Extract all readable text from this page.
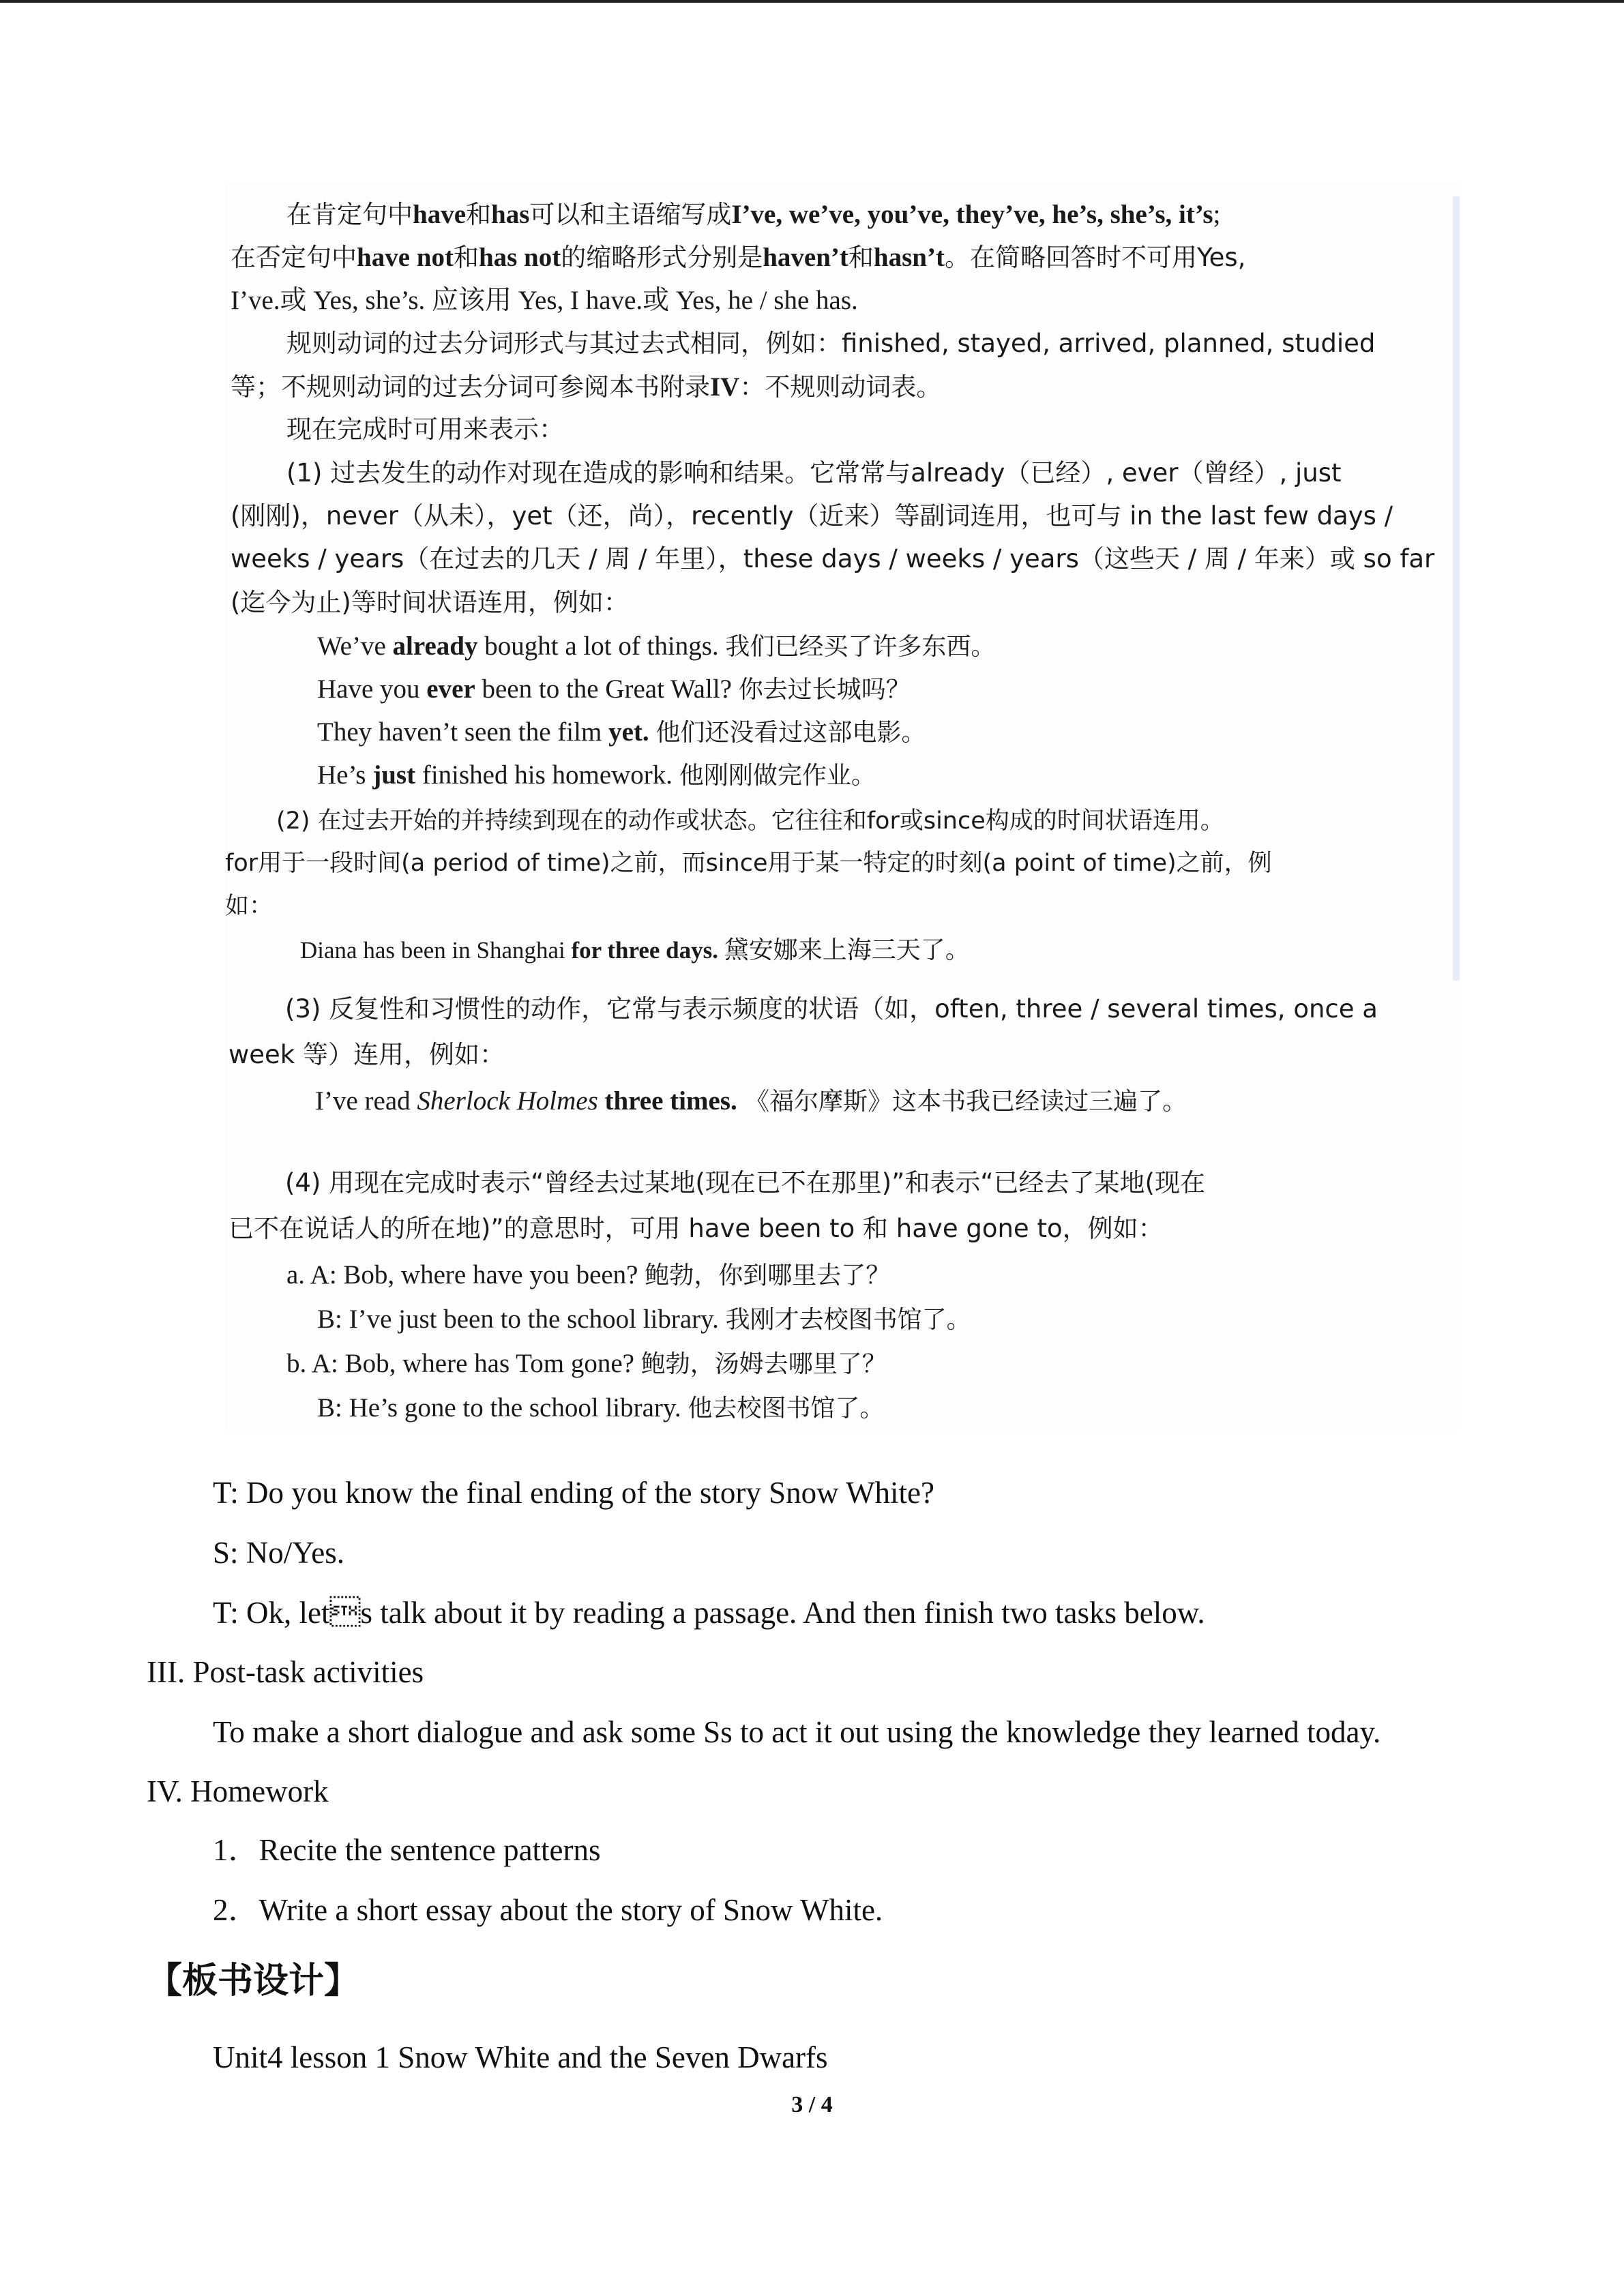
在肯定句中have和has可以和主语缩写成I’ve, we’ve, you’ve, they’ve, he’s, she’s, it’s;
在否定句中have not和has not的缩略形式分别是haven’t和hasn’t。在简略回答时不可用Yes,
I’ve.或 Yes, she’s. 应该用 Yes, I have.或 Yes, he / she has.
规则动词的过去分词形式与其过去式相同，例如：finished, stayed, arrived, planned, studied
等；不规则动词的过去分词可参阅本书附录IV：不规则动词表。
现在完成时可用来表示：
(1) 过去发生的动作对现在造成的影响和结果。它常常与already（已经）, ever（曾经）, just
(刚刚)，never（从未），yet（还，尚），recently（近来）等副词连用，也可与 in the last few days /
weeks / years（在过去的几天 / 周 / 年里），these days / weeks / years（这些天 / 周 / 年来）或 so far
(迄今为止)等时间状语连用，例如：
We’ve already bought a lot of things. 我们已经买了许多东西。
Have you ever been to the Great Wall? 你去过长城吗？
They haven’t seen the film yet. 他们还没看过这部电影。
He’s just finished his homework. 他刚刚做完作业。
(2) 在过去开始的并持续到现在的动作或状态。它往往和for或since构成的时间状语连用。
for用于一段时间(a period of time)之前，而since用于某一特定的时刻(a point of time)之前，例
如：
Diana has been in Shanghai for three days. 黛安娜来上海三天了。
(3) 反复性和习惯性的动作，它常与表示频度的状语（如，often, three / several times, once a
week 等）连用，例如：
I’ve read Sherlock Holmes three times. 《福尔摩斯》这本书我已经读过三遍了。
(4) 用现在完成时表示“曾经去过某地(现在已不在那里)”和表示“已经去了某地(现在
已不在说话人的所在地)”的意思时，可用 have been to 和 have gone to，例如：
a. A: Bob, where have you been? 鲍勃，你到哪里去了？
B: I’ve just been to the school library. 我刚才去校图书馆了。
b. A: Bob, where has Tom gone? 鲍勃，汤姆去哪里了？
B: He’s gone to the school library. 他去校图书馆了。
T: Do you know the final ending of the story Snow White?
S: No/Yes.
T: Ok, lets talk about it by reading a passage. And then finish two tasks below.
III. Post-task activities
To make a short dialogue and ask some Ss to act it out using the knowledge they learned today.
IV. Homework
1．Recite the sentence patterns
2．Write a short essay about the story of Snow White.
【板书设计】
Unit4 lesson 1 Snow White and the Seven Dwarfs
3 / 4
